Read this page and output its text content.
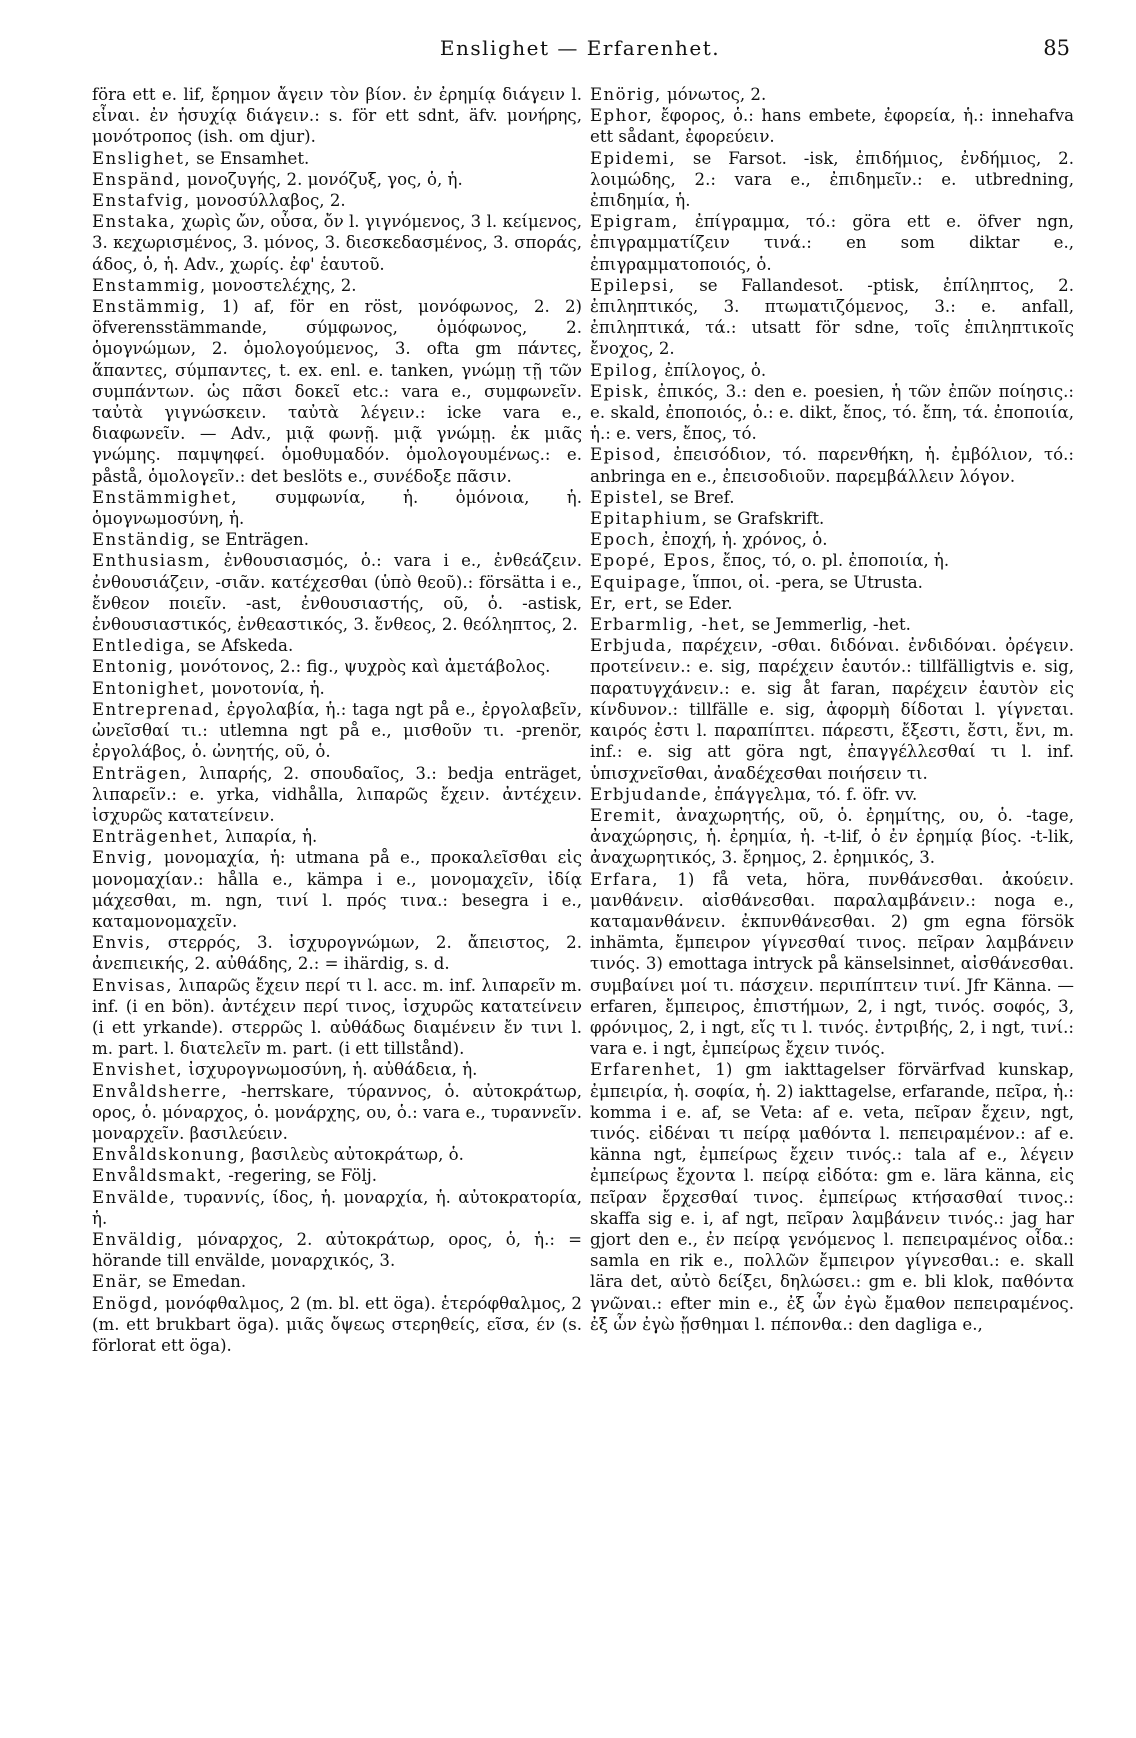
Enslighet — Erfarenhet.	85

föra ett e. lif, ἔρημον ἄγειν τὸν βίον. ἐν ἐρημίᾳ διάγειν l. εἶναι. ἐν ἡσυχίᾳ διάγειν.: s. för ett sdnt, äfv. μονήρης, μονότροπος (ish. om djur).

Enslighet, se Ensamhet.

Enspänd, μονοζυγής, 2. μονόζυξ, γος, ὁ, ἡ.

Enstafvig, μονοσύλλαβος, 2.

Enstaka, χωρὶς ὤν, οὖσα, ὄν l. γιγνόμενος, 3 l. κείμενος, 3. κεχωρισμένος, 3. μόνος, 3. διεσκεδασμένος, 3. σποράς, άδος, ὁ, ἡ. Adv., χωρίς. ἐφ' ἑαυτοῦ.

Enstammig, μονοστελέχης, 2.

Enstämmig, 1) af, för en röst, μονόφωνος, 2. 2) öfverensstämmande, σύμφωνος, ὁμόφωνος, 2. ὁμογνώμων, 2. ὁμολογούμενος, 3. ofta gm πάντες, ἅπαντες, σύμπαντες, t. ex. enl. e. tanken, γνώμῃ τῇ τῶν συμπάντων. ὡς πᾶσι δοκεῖ etc.: vara e., συμφωνεῖν. ταὐτὰ γιγνώσκειν. ταὐτὰ λέγειν.: icke vara e., διαφωνεῖν. — Adv., μιᾷ φωνῇ. μιᾷ γνώμῃ. ἐκ μιᾶς γνώμης. παμψηφεί. ὁμοθυμαδόν. ὁμολογουμένως.: e. påstå, ὁμολογεῖν.: det beslöts e., συνέδοξε πᾶσιν.

Enstämmighet, συμφωνία, ἡ. ὁμόνοια, ἡ. ὁμογνωμοσύνη, ἡ.

Enständig, se Enträgen.

Enthusiasm, ἐνθουσιασμός, ὁ.: vara i e., ἐνθεάζειν. ἐνθουσιάζειν, -σιᾶν. κατέχεσθαι (ὑπὸ θεοῦ).: försätta i e., ἔνθεον ποιεῖν. -ast, ἐνθουσιαστής, οῦ, ὁ. -astisk, ἐνθουσιαστικός, ἐνθεαστικός, 3. ἔνθεος, 2. θεόληπτος, 2.

Entlediga, se Afskeda.

Entonig, μονότονος, 2.: fig., ψυχρὸς καὶ ἀμετάβολος.

Entonighet, μονοτονία, ἡ.

Entreprenad, ἐργολαβία, ἡ.: taga ngt på e., ἐργολαβεῖν, ὠνεῖσθαί τι.: utlemna ngt på e., μισθοῦν τι. -prenör, ἐργολάβος, ὁ. ὠνητής, οῦ, ὁ.

Enträgen, λιπαρής, 2. σπουδαῖος, 3.: bedja enträget, λιπαρεῖν.: e. yrka, vidhålla, λιπαρῶς ἔχειν. ἀντέχειν. ἰσχυρῶς κατατείνειν.

Enträgenhet, λιπαρία, ἡ.

Envig, μονομαχία, ἡ: utmana på e., προκαλεῖσθαι εἰς μονομαχίαν.: hålla e., kämpa i e., μονομαχεῖν, ἰδίᾳ μάχεσθαι, m. ngn, τινί l. πρός τινα.: besegra i e., καταμονομαχεῖν.

Envis, στερρός, 3. ἰσχυρογνώμων, 2. ἄπειστος, 2. ἀνεπιεικής, 2. αὐθάδης, 2.: = ihärdig, s. d.

Envisas, λιπαρῶς ἔχειν περί τι l. acc. m. inf. λιπαρεῖν m. inf. (i en bön). ἀντέχειν περί τινος, ἰσχυρῶς κατατείνειν (i ett yrkande). στερρῶς l. αὐθάδως διαμένειν ἔν τινι l. m. part. l. διατελεῖν m. part. (i ett tillstånd).

Envishet, ἰσχυρογνωμοσύνη, ἡ. αὐθάδεια, ἡ.

Envåldsherre, -herrskare, τύραννος, ὁ. αὐτοκράτωρ, ορος, ὁ. μόναρχος, ὁ. μονάρχης, ου, ὁ.: vara e., τυραννεῖν. μοναρχεῖν. βασιλεύειν.

Envåldskonung, βασιλεὺς αὐτοκράτωρ, ὁ.

Envåldsmakt, -regering, se Följ.

Envälde, τυραννίς, ίδος, ἡ. μοναρχία, ἡ. αὐτοκρατορία, ἡ.

Enväldig, μόναρχος, 2. αὐτοκράτωρ, ορος, ὁ, ἡ.: = hörande till envälde, μοναρχικός, 3.

Enär, se Emedan.

Enögd, μονόφθαλμος, 2 (m. bl. ett öga). ἑτερόφθαλμος, 2 (m. ett brukbart öga). μιᾶς ὄψεως στερηθείς, εῖσα, έν (s. förlorat ett öga).

Enörig, μόνωτος, 2.

Ephor, ἔφορος, ὁ.: hans embete, ἐφορεία, ἡ.: innehafva ett sådant, ἐφορεύειν.

Epidemi, se Farsot. -isk, ἐπιδήμιος, ἐνδήμιος, 2. λοιμώδης, 2.: vara e., ἐπιδημεῖν.: e. utbredning, ἐπιδημία, ἡ.

Epigram, ἐπίγραμμα, τό.: göra ett e. öfver ngn, ἐπιγραμματίζειν τινά.: en som diktar e., ἐπιγραμματοποιός, ὁ.

Epilepsi, se Fallandesot. -ptisk, ἐπίληπτος, 2. ἐπιληπτικός, 3. πτωματιζόμενος, 3.: e. anfall, ἐπιληπτικά, τά.: utsatt för sdne, τοῖς ἐπιληπτικοῖς ἔνοχος, 2.

Epilog, ἐπίλογος, ὁ.

Episk, ἐπικός, 3.: den e. poesien, ἡ τῶν ἐπῶν ποίησις.: e. skald, ἐποποιός, ὁ.: e. dikt, ἔπος, τό. ἔπη, τά. ἐποποιία, ἡ.: e. vers, ἔπος, τό.

Episod, ἐπεισόδιον, τό. παρενθήκη, ἡ. ἐμβόλιον, τό.: anbringa en e., ἐπεισοδιοῦν. παρεμβάλλειν λόγον.

Epistel, se Bref.

Epitaphium, se Grafskrift.

Epoch, ἐποχή, ἡ. χρόνος, ὁ.

Epopé, Epos, ἔπος, τό, o. pl. ἐποποιία, ἡ.

Equipage, ἵπποι, οἱ. -pera, se Utrusta.

Er, ert, se Eder.

Erbarmlig, -het, se Jemmerlig, -het.

Erbjuda, παρέχειν, -σθαι. διδόναι. ἐνδιδόναι. ὀρέγειν. προτείνειν.: e. sig, παρέχειν ἑαυτόν.: tillfälligtvis e. sig, παρατυγχάνειν.: e. sig åt faran, παρέχειν ἑαυτὸν εἰς κίνδυνον.: tillfälle e. sig, ἀφορμὴ δίδοται l. γίγνεται. καιρός ἐστι l. παραπίπτει. πάρεστι, ἔξεστι, ἔστι, ἔνι, m. inf.: e. sig att göra ngt, ἐπαγγέλλεσθαί τι l. inf. ὑπισχνεῖσθαι, ἀναδέχεσθαι ποιήσειν τι.

Erbjudande, ἐπάγγελμα, τό. f. öfr. vv.

Eremit, ἀναχωρητής, οῦ, ὁ. ἐρημίτης, ου, ὁ. -tage, ἀναχώρησις, ἡ. ἐρημία, ἡ. -t-lif, ὁ ἐν ἐρημίᾳ βίος. -t-lik, ἀναχωρητικός, 3. ἔρημος, 2. ἐρημικός, 3.

Erfara, 1) få veta, höra, πυνθάνεσθαι. ἀκούειν. μανθάνειν. αἰσθάνεσθαι. παραλαμβάνειν.: noga e., καταμανθάνειν. ἐκπυνθάνεσθαι. 2) gm egna försök inhämta, ἔμπειρον γίγνεσθαί τινος. πεῖραν λαμβάνειν τινός. 3) emottaga intryck på känselsinnet, αἰσθάνεσθαι. συμβαίνει μοί τι. πάσχειν. περιπίπτειν τινί. Jfr Känna. — erfaren, ἔμπειρος, ἐπιστήμων, 2, i ngt, τινός. σοφός, 3, φρόνιμος, 2, i ngt, εἴς τι l. τινός. ἐντριβής, 2, i ngt, τινί.: vara e. i ngt, ἐμπείρως ἔχειν τινός.

Erfarenhet, 1) gm iakttagelser förvärfvad kunskap, ἐμπειρία, ἡ. σοφία, ἡ. 2) iakttagelse, erfarande, πεῖρα, ἡ.: komma i e. af, se Veta: af e. veta, πεῖραν ἔχειν, ngt, τινός. εἰδέναι τι πείρᾳ μαθόντα l. πεπειραμένον.: af e. känna ngt, ἐμπείρως ἔχειν τινός.: tala af e., λέγειν ἐμπείρως ἔχοντα l. πείρᾳ εἰδότα: gm e. lära känna, εἰς πεῖραν ἔρχεσθαί τινος. ἐμπείρως κτήσασθαί τινος.: skaffa sig e. i, af ngt, πεῖραν λαμβάνειν τινός.: jag har gjort den e., ἐν πείρᾳ γενόμενος l. πεπειραμένος οἶδα.: samla en rik e., πολλῶν ἔμπειρον γίγνεσθαι.: e. skall lära det, αὐτὸ δείξει, δηλώσει.: gm e. bli klok, παθόντα γνῶναι.: efter min e., ἐξ ὧν ἐγὼ ἔμαθον πεπειραμένος. ἐξ ὧν ἐγὼ ᾔσθημαι l. πέπονθα.: den dagliga e.,
